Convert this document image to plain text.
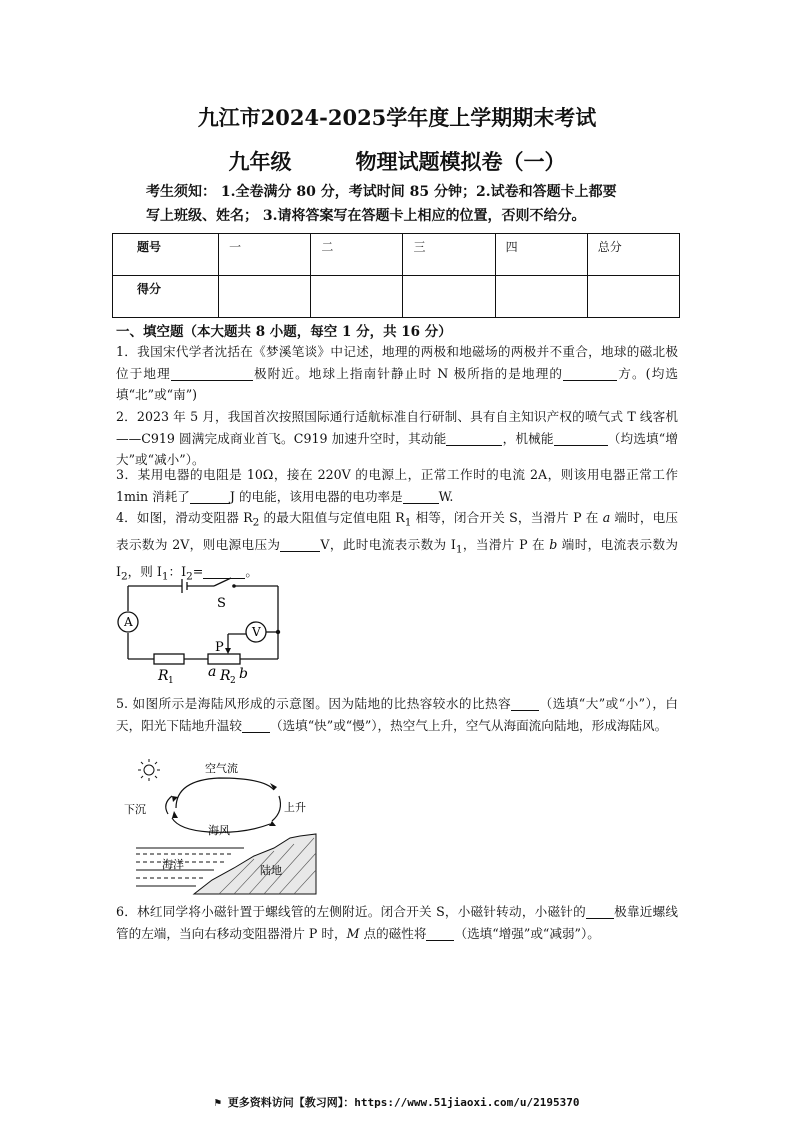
九江市2024-2025学年度上学期期末考试
九年级	物理试题模拟卷（一）
考生须知： 1.全卷满分 80 分，考试时间 85 分钟；2.试卷和答题卡上都要
写上班级、姓名； 3.请将答案写在答题卡上相应的位置，否则不给分。
题号	一	二	三	四	总分
得分					
一、填空题（本大题共 8 小题，每空 1 分，共 16 分）
1．我国宋代学者沈括在《梦溪笔谈》中记述，地理的两极和地磁场的两极并不重合，地球的磁北极位于地理	极附近。地球上指南针静止时 N 极所指的是地理的	方。(均选填“北”或“南”)
2．2023 年 5 月，我国首次按照国际通行适航标准自行研制、具有自主知识产权的喷气式 T 线客机——C919 圆满完成商业首飞。C919 加速升空时，其动能	，机械能	（均选填“增大”或“减小”）。
3．某用电器的电阻是 10Ω，接在 220V 的电源上，正常工作时的电流 2A，则该用电器正常工作 1min 消耗了	J 的电能，该用电器的电功率是	W.
4．如图，滑动变阻器 $R_2$ 的最大阻值与定值电阻 $R_1$ 相等，闭合开关 S，当滑片 P 在 a 端时，电压表示数为 2V，则电源电压为	V，此时电流表示数为 $I_1$，当滑片 P 在 b 端时，电流表示数为 $I_2$，则 $I_1$：$I_2=$	。
S
A
V
P
R 1
a R 2 b
5. 如图所示是海陆风形成的示意图。因为陆地的比热容较水的比热容 （选填“大”或“小”），白天，阳光下陆地升温较 （选填“快”或“慢”），热空气上升，空气从海面流向陆地，形成海陆风。
空气流
下沉	上升
海风
海洋	陆地
6．林红同学将小磁针置于螺线管的左侧附近。闭合开关 S，小磁针转动，小磁针的 极靠近螺线管的左端，当向右移动变阻器滑片 P 时，M 点的磁性将 （选填“增强”或“减弱”）。
⚑ 更多资料访问【教习网】：https://www.51jiaoxi.com/u/2195370
